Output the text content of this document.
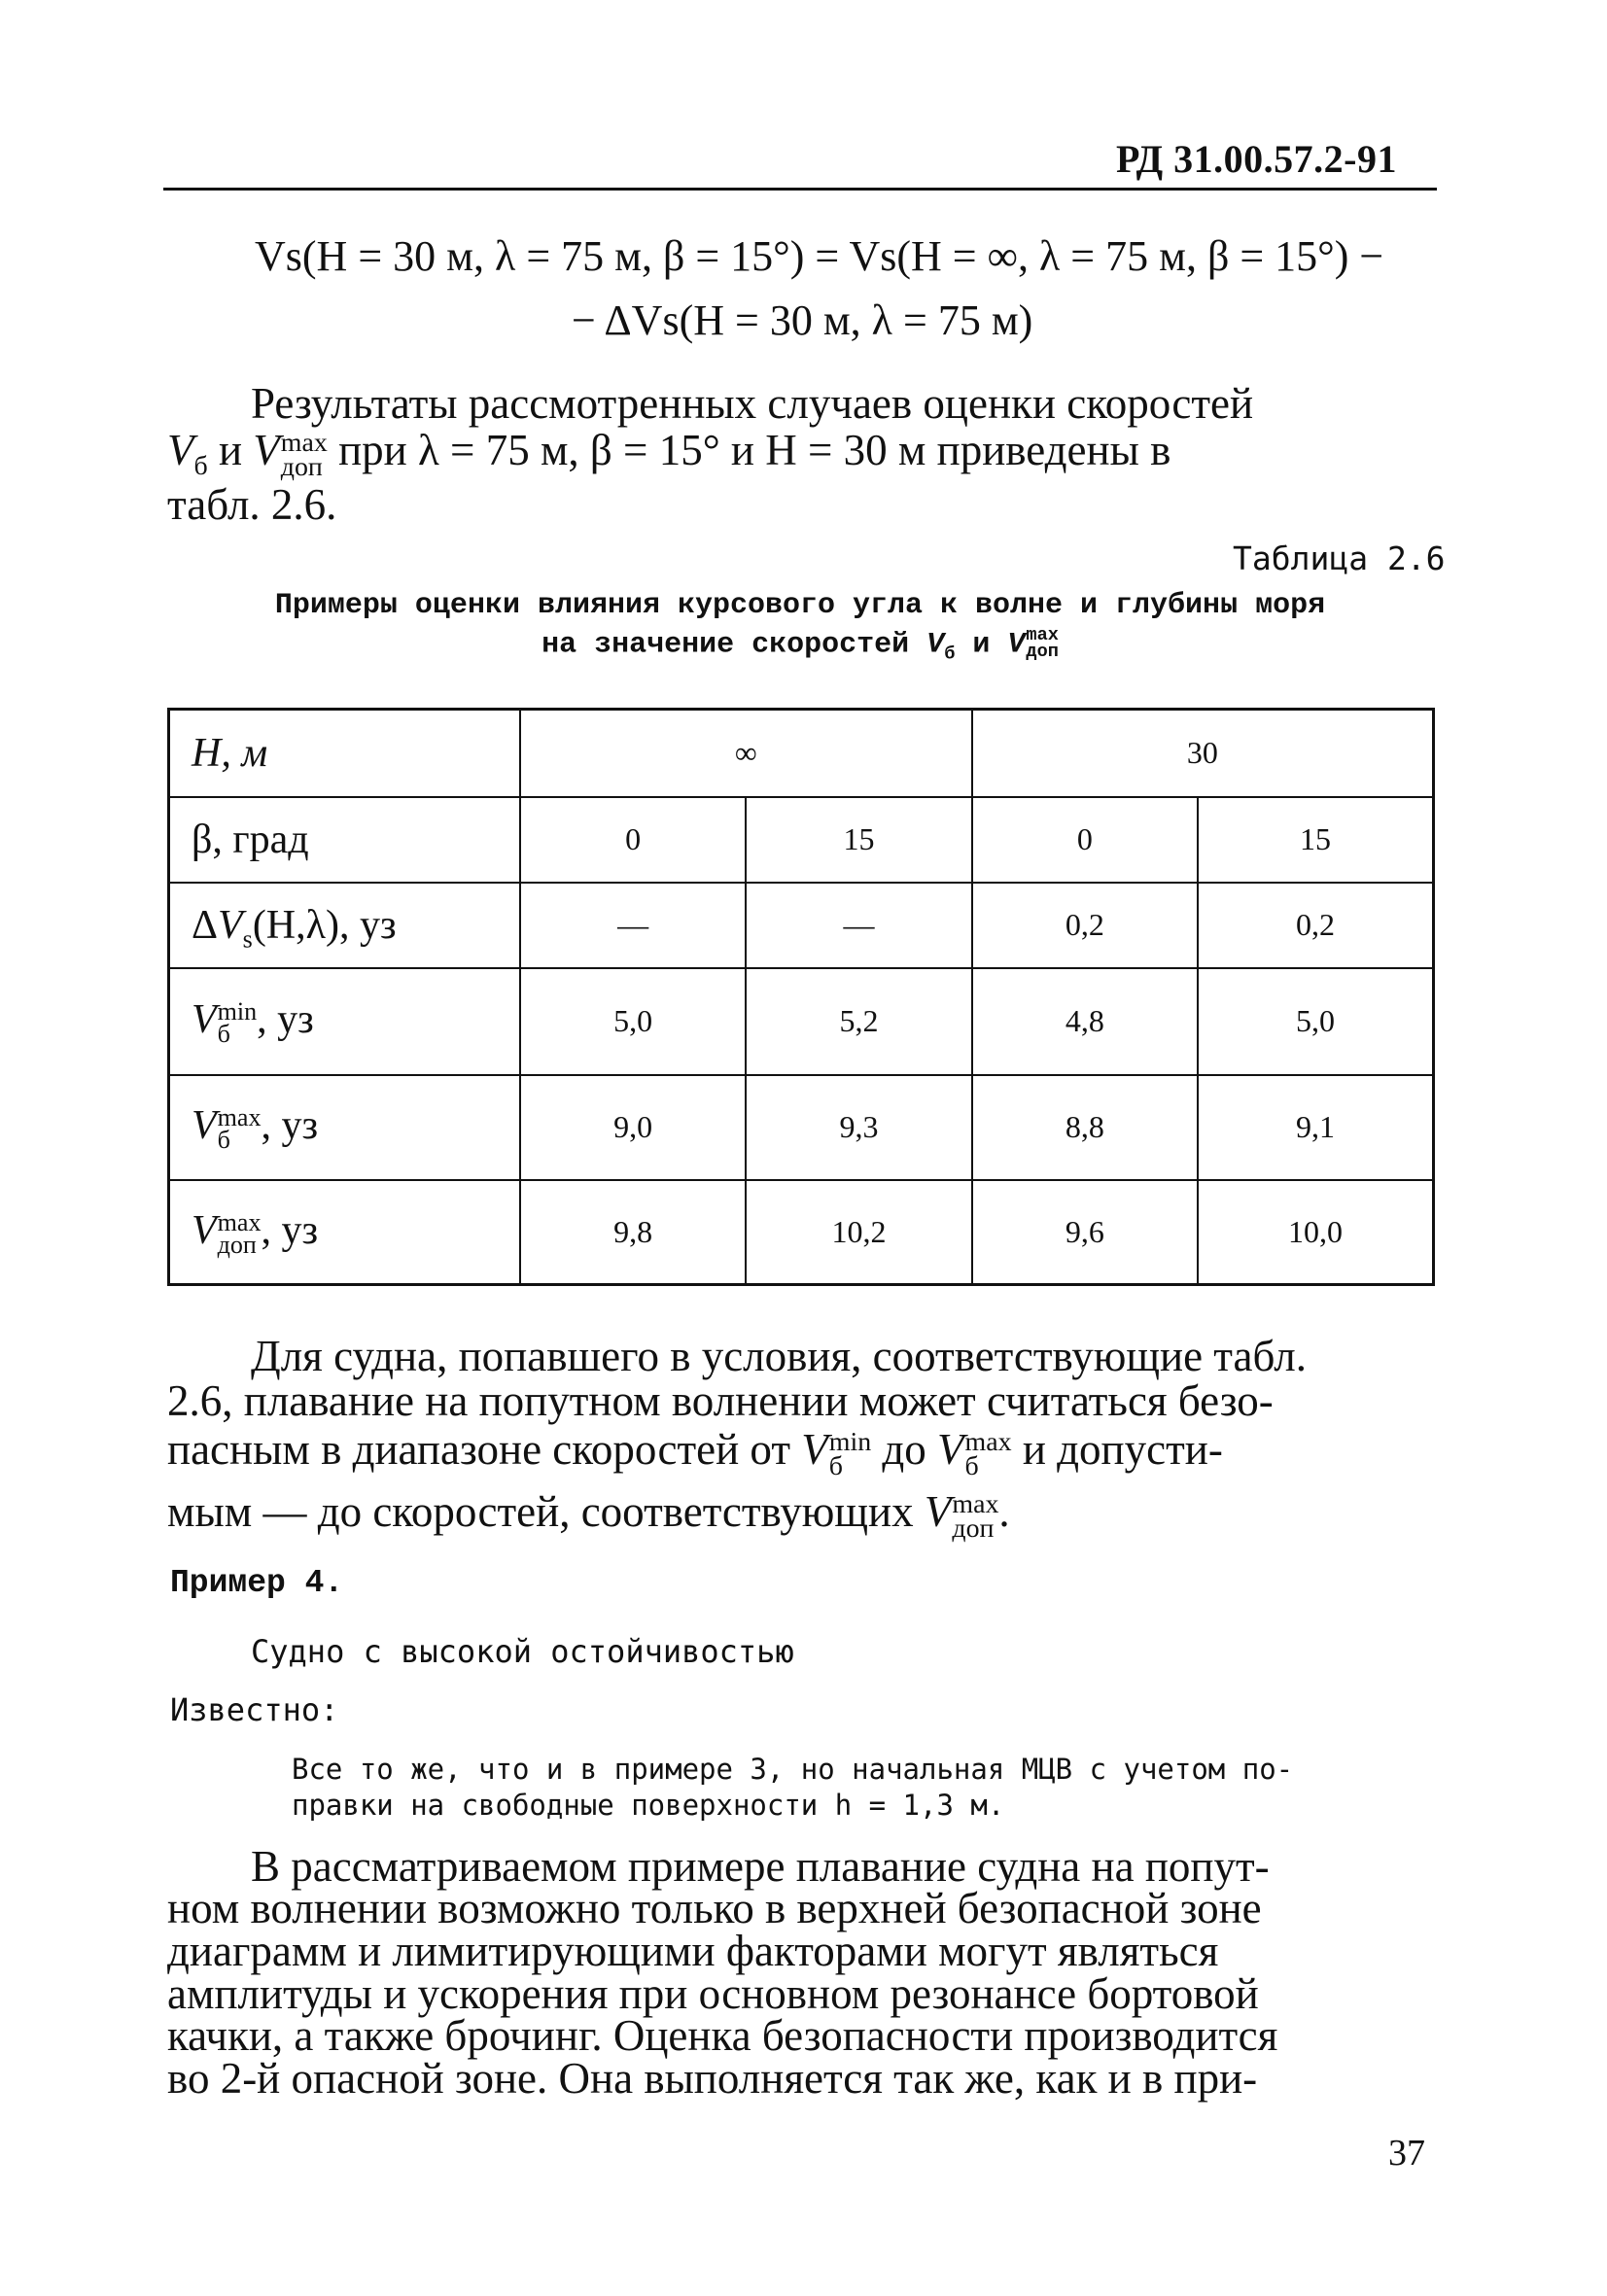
РД 31.00.57.2-91
Vs(H = 30 м, λ = 75 м, β = 15°) = Vs(H = ∞, λ = 75 м, β = 15°) −
− ΔVs(H = 30 м, λ = 75 м)
Результаты рассмотренных случаев оценки скоростей
$V_б$ и V max
доп при λ = 75 м, β = 15° и H = 30 м приведены в
табл. 2.6.
Таблица 2.6
Примеры оценки влияния курсового угла к волне и глубины моря
на значение скоростей $V_б$ и V max
доп
H, м	∞		30	
β, град	0	15	0	15
$\Delta V_s(H,\lambda)$, уз	—	—	0,2	0,2
V min
б , уз	5,0	5,2	4,8	5,0
V max
б , уз	9,0	9,3	8,8	9,1
V max
доп , уз	9,8	10,2	9,6	10,0
Для судна, попавшего в условия, соответствующие табл.
2.6, плавание на попутном волнении может считаться безо-
пасным в диапазоне скоростей от V min
б до V max
б	и допусти-
мым — до скоростей, соответствующих V max
доп .
Пример 4.
Судно с высокой остойчивостью
Известно:
Все то же, что и в примере 3, но начальная МЦВ с учетом по-
правки на свободные поверхности h = 1,3 м.
В рассматриваемом примере плавание судна на попут-
ном волнении возможно только в верхней безопасной зоне
диаграмм и лимитирующими факторами могут являться
амплитуды и ускорения при основном резонансе бортовой
качки, а также брочинг. Оценка безопасности производится
во 2-й опасной зоне. Она выполняется так же, как и в при-
37
